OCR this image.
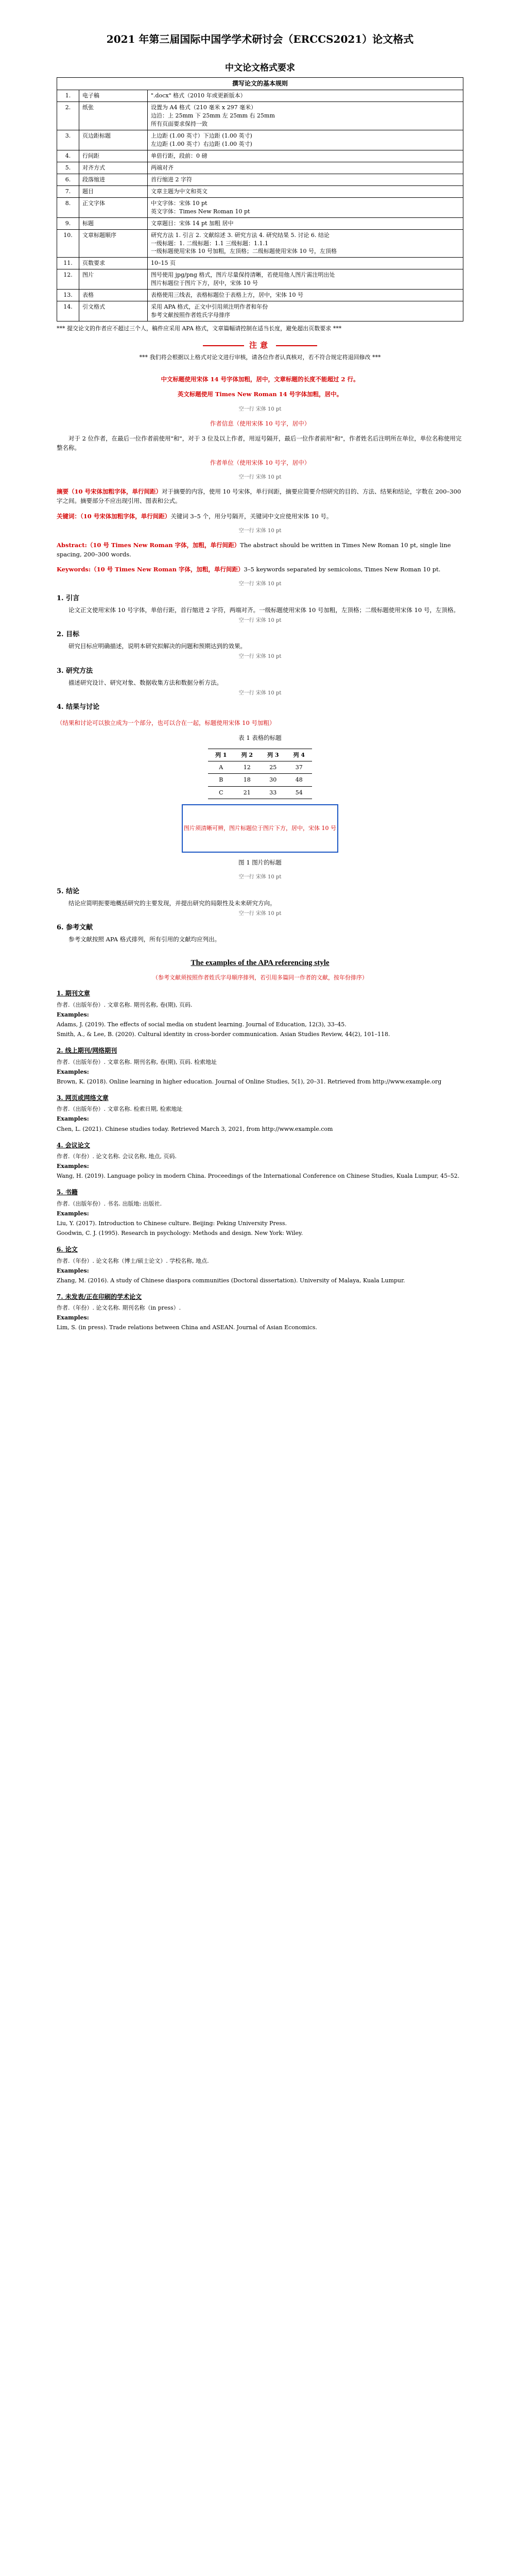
2021 年第三届国际中国学学术研讨会（ERCCS2021）论文格式
中文论文格式要求
撰写论文的基本规则		
1.	电子稿	".docx" 格式（2010 年或更新版本）
2.	纸张	设置为 A4 格式（210 毫米 x 297 毫米）
边沿：上 25mm 下 25mm 左 25mm 右 25mm
所有页面要求保持一致
3.	页边距标题	上边距 (1.00 英寸）下边距 (1.00 英寸)
左边距 (1.00 英寸）右边距 (1.00 英寸)
4.	行间距	单倍行距，段前：0 磅
5.	对齐方式	两端对齐
6.	段落缩进	首行缩进 2 字符
7.	题目	文章主题为中文和英文
8.	正文字体	中文字体：宋体 10 pt
英文字体：Times New Roman 10 pt
9.	标题	文章题目：宋体 14 pt 加粗 居中
10.	文章标题顺序	研究方法 1. 引言 2. 文献综述 3. 研究方法 4. 研究结果 5. 讨论 6. 结论
一级标题：1. 二级标题：1.1 三级标题：1.1.1
一级标题使用宋体 10 号加粗，左顶格；二级标题使用宋体 10 号，左顶格
11.	页数要求	10–15 页
12.	图片	图号使用 jpg/png 格式，图片尽量保持清晰，若使用他人图片需注明出处
图片标题位于图片下方，居中，宋体 10 号
13.	表格	表格使用三线表，表格标题位于表格上方，居中，宋体 10 号
14.	引文格式	采用 APA 格式，正文中引用须注明作者和年份
参考文献按照作者姓氏字母排序

*** 提交论文的作者应不超过三个人，稿件应采用 APA 格式，文章篇幅请控制在适当长度，避免超出页数要求 ***

注意

*** 我们将会根据以上格式对论文进行审核，请各位作者认真核对，若不符合规定将退回修改 ***

中文标题使用宋体 14 号字体加粗，居中，文章标题的长度不能超过 2 行。

英文标题使用 Times New Roman 14 号字体加粗，居中。

空一行 宋体 10 pt

作者信息（使用宋体 10 号字，居中）

对于 2 位作者，在最后一位作者前使用"和"，对于 3 位及以上作者，用逗号隔开，最后一位作者前用"和"，作者姓名后注明所在单位，单位名称使用完整名称。

作者单位（使用宋体 10 号字，居中）

空一行 宋体 10 pt

摘要（10 号宋体加粗字体，单行间距）对于摘要的内容，使用 10 号宋体，单行间距，摘要应简要介绍研究的目的、方法、结果和结论，字数在 200–300 字之间。摘要部分不应出现引用、图表和公式。

关键词：（10 号宋体加粗字体，单行间距）关键词 3–5 个，用分号隔开，关键词中文应使用宋体 10 号。

空一行 宋体 10 pt

Abstract:（10 号 Times New Roman 字体，加粗，单行间距）The abstract should be written in Times New Roman 10 pt, single line spacing, 200–300 words.

Keywords:（10 号 Times New Roman 字体，加粗，单行间距）3–5 keywords separated by semicolons, Times New Roman 10 pt.

空一行 宋体 10 pt

1. 引言

论文正文使用宋体 10 号字体，单倍行距，首行缩进 2 字符，两端对齐。一级标题使用宋体 10 号加粗，左顶格；二级标题使用宋体 10 号，左顶格。

空一行 宋体 10 pt

2. 目标

研究目标应明确描述，说明本研究拟解决的问题和预期达到的效果。

空一行 宋体 10 pt

3. 研究方法

描述研究设计、研究对象、数据收集方法和数据分析方法。

空一行 宋体 10 pt

4. 结果与讨论

（结果和讨论可以独立成为一个部分，也可以合在一起，标题使用宋体 10 号加粗）

表 1 表格的标题

列 1	列 2	列 3	列 4
A	12	25	37
B	18	30	48
C	21	33	54
图片须清晰可辨，图片标题位于图片下方，居中，宋体 10 号

图 1 图片的标题

空一行 宋体 10 pt

5. 结论

结论应简明扼要地概括研究的主要发现，并提出研究的局限性及未来研究方向。

空一行 宋体 10 pt

6. 参考文献

参考文献按照 APA 格式排列，所有引用的文献均应列出。

The examples of the APA referencing style

（参考文献须按照作者姓氏字母顺序排列，若引用多篇同一作者的文献，按年份排序）

1. 期刊文章

作者.（出版年份）. 文章名称. 期刊名称, 卷(期), 页码.

Examples:

Adams, J. (2019). The effects of social media on student learning. Journal of Education, 12(3), 33–45.

Smith, A., & Lee, B. (2020). Cultural identity in cross-border communication. Asian Studies Review, 44(2), 101–118.

2. 线上期刊/网络期刊

作者.（出版年份）. 文章名称. 期刊名称, 卷(期), 页码. 检索地址

Examples:

Brown, K. (2018). Online learning in higher education. Journal of Online Studies, 5(1), 20–31. Retrieved from http://www.example.org

3. 网页或网络文章

作者.（出版年份）. 文章名称. 检索日期, 检索地址

Examples:

Chen, L. (2021). Chinese studies today. Retrieved March 3, 2021, from http://www.example.com

4. 会议论文

作者.（年份）. 论文名称. 会议名称, 地点, 页码.

Examples:

Wang, H. (2019). Language policy in modern China. Proceedings of the International Conference on Chinese Studies, Kuala Lumpur, 45–52.

5. 书籍

作者.（出版年份）. 书名. 出版地: 出版社.

Examples:

Liu, Y. (2017). Introduction to Chinese culture. Beijing: Peking University Press.

Goodwin, C. J. (1995). Research in psychology: Methods and design. New York: Wiley.

6. 论文

作者.（年份）. 论文名称（博士/硕士论文）. 学校名称, 地点.

Examples:

Zhang, M. (2016). A study of Chinese diaspora communities (Doctoral dissertation). University of Malaya, Kuala Lumpur.

7. 未发表/正在印刷的学术论文

作者.（年份）. 论文名称. 期刊名称（in press）.

Examples:

Lim, S. (in press). Trade relations between China and ASEAN. Journal of Asian Economics.
